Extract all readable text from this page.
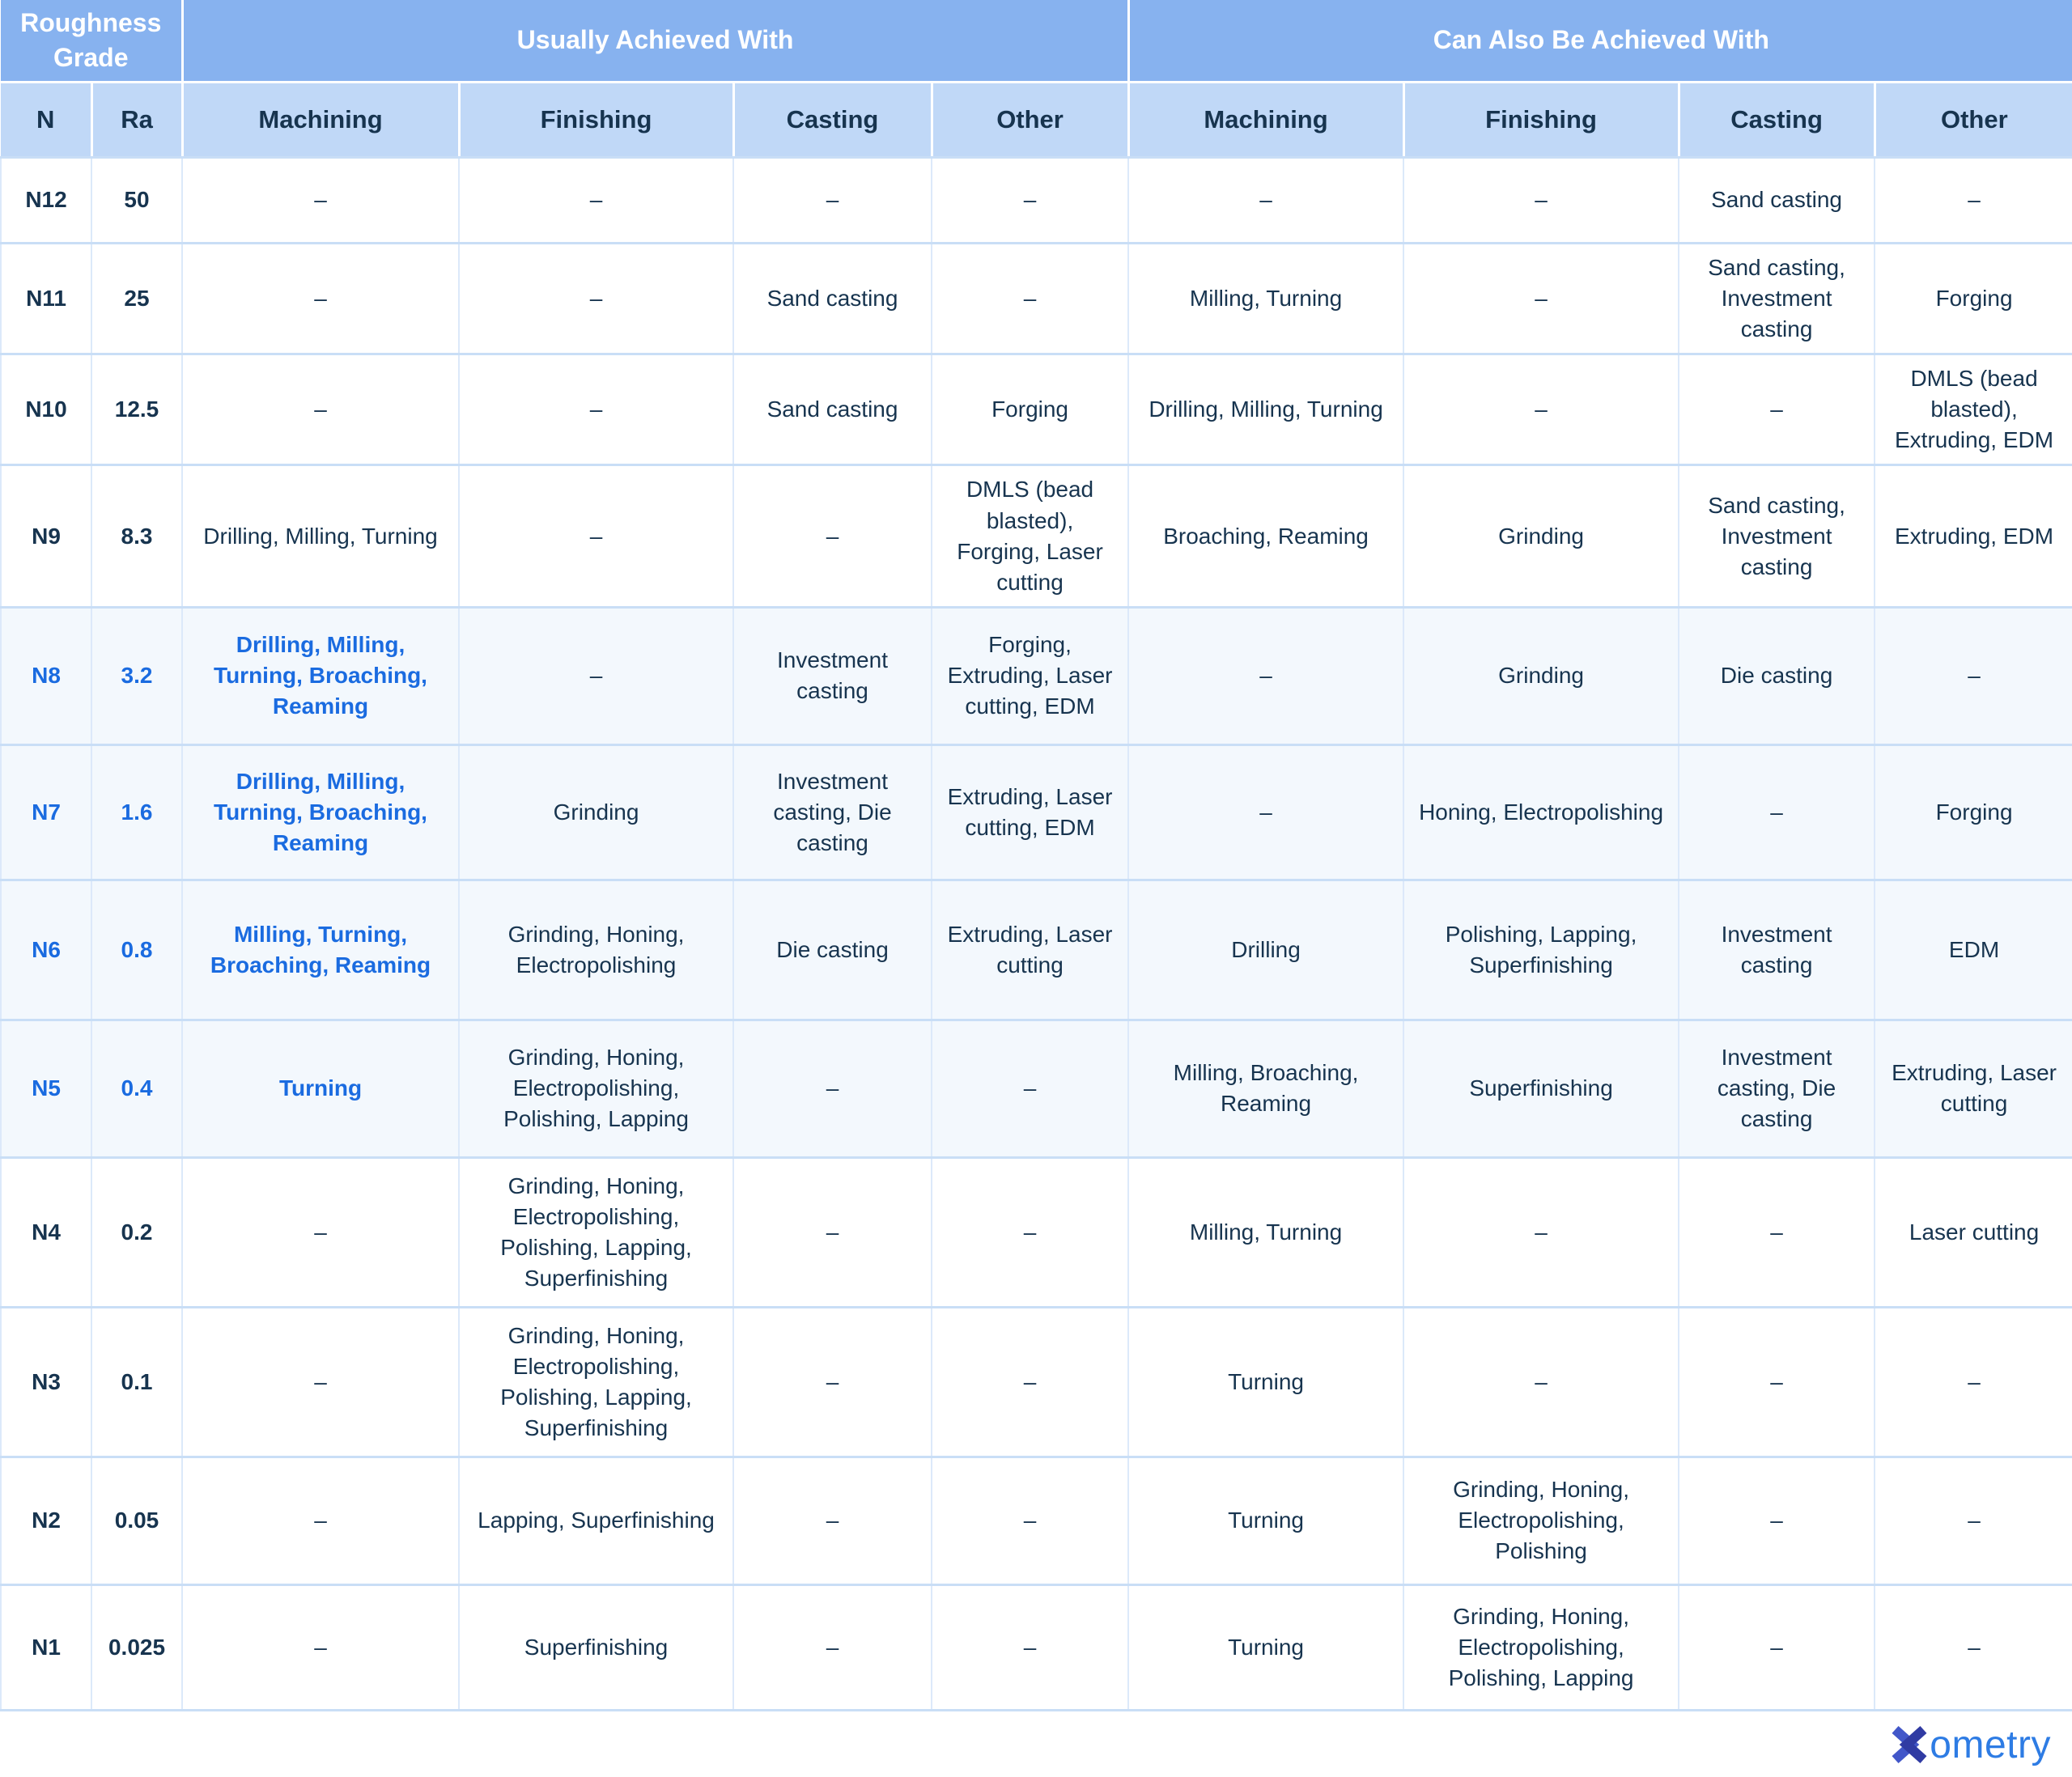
Roughness Grade		Usually Achieved With				Can Also Be Achieved With			
N	Ra	Machining	Finishing	Casting	Other	Machining	Finishing	Casting	Other
N12	50	–	–	–	–	–	–	Sand casting	–
N11	25	–	–	Sand casting	–	Milling, Turning	–	Sand casting, Investment casting	Forging
N10	12.5	–	–	Sand casting	Forging	Drilling, Milling, Turning	–	–	DMLS (bead blasted), Extruding, EDM
N9	8.3	Drilling, Milling, Turning	–	–	DMLS (bead blasted), Forging, Laser cutting	Broaching, Reaming	Grinding	Sand casting, Investment casting	Extruding, EDM
N8	3.2	Drilling, Milling, Turning, Broaching, Reaming	–	Investment casting	Forging, Extruding, Laser cutting, EDM	–	Grinding	Die casting	–
N7	1.6	Drilling, Milling, Turning, Broaching, Reaming	Grinding	Investment casting, Die casting	Extruding, Laser cutting, EDM	–	Honing, Electropolishing	–	Forging
N6	0.8	Milling, Turning, Broaching, Reaming	Grinding, Honing, Electropolishing	Die casting	Extruding, Laser cutting	Drilling	Polishing, Lapping, Superfinishing	Investment casting	EDM
N5	0.4	Turning	Grinding, Honing, Electropolishing, Polishing, Lapping	–	–	Milling, Broaching, Reaming	Superfinishing	Investment casting, Die casting	Extruding, Laser cutting
N4	0.2	–	Grinding, Honing, Electropolishing, Polishing, Lapping, Superfinishing	–	–	Milling, Turning	–	–	Laser cutting
N3	0.1	–	Grinding, Honing, Electropolishing, Polishing, Lapping, Superfinishing	–	–	Turning	–	–	–
N2	0.05	–	Lapping, Superfinishing	–	–	Turning	Grinding, Honing, Electropolishing, Polishing	–	–
N1	0.025	–	Superfinishing	–	–	Turning	Grinding, Honing, Electropolishing, Polishing, Lapping	–	–
ometry
